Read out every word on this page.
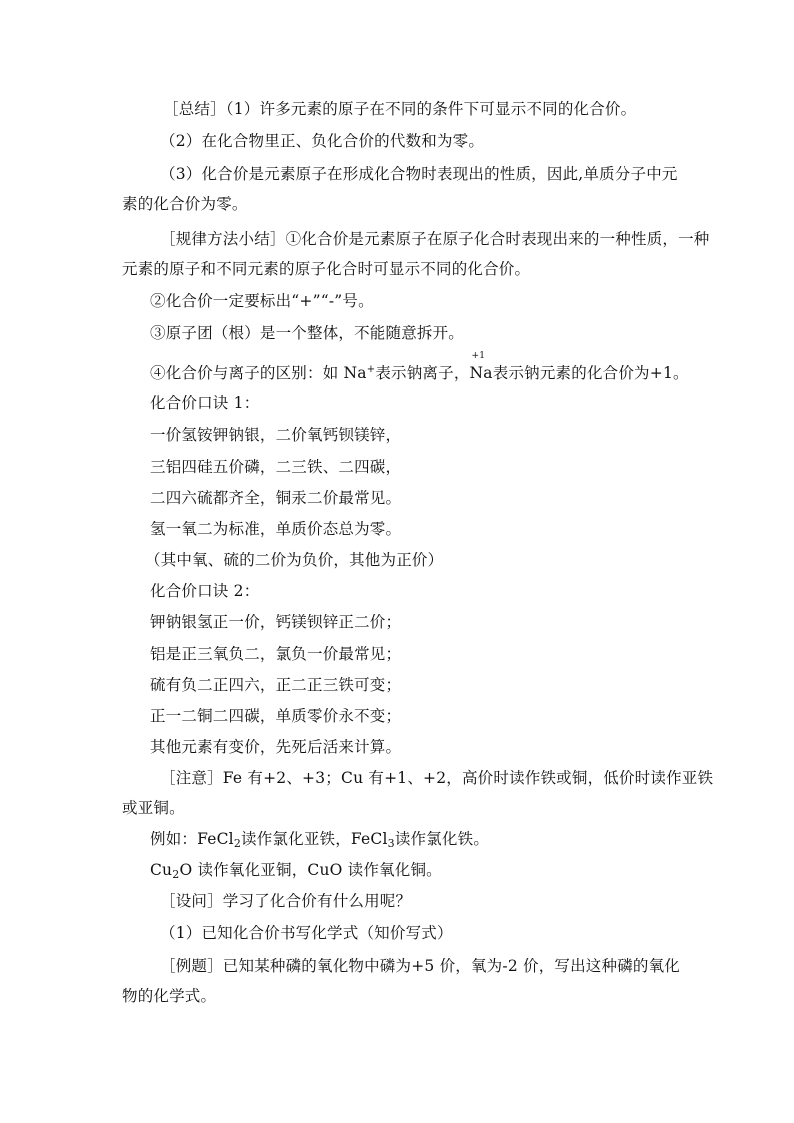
［总结］（1）许多元素的原子在不同的条件下可显示不同的化合价。
（2）在化合物里正、负化合价的代数和为零。
（3）化合价是元素原子在形成化合物时表现出的性质，因此,单质分子中元
素的化合价为零。
［规律方法小结］①化合价是元素原子在原子化合时表现出来的一种性质，一种
元素的原子和不同元素的原子化合时可显示不同的化合价。
②化合价一定要标出“+”“-”号。
③原子团（根）是一个整体，不能随意拆开。
④化合价与离子的区别：如 Na+表示钠离子，
+1
Na表示钠元素的化合价为+1。
化合价口诀 1：
一价氢铵钾钠银，二价氧钙钡镁锌，
三铝四硅五价磷，二三铁、二四碳，
二四六硫都齐全，铜汞二价最常见。
氢一氧二为标准，单质价态总为零。
（其中氧、硫的二价为负价，其他为正价）
化合价口诀 2：
钾钠银氢正一价，钙镁钡锌正二价；
铝是正三氧负二，氯负一价最常见；
硫有负二正四六，正二正三铁可变；
正一二铜二四碳，单质零价永不变；
其他元素有变价，先死后活来计算。
［注意］Fe 有+2、+3；Cu 有+1、+2，高价时读作铁或铜，低价时读作亚铁
或亚铜。
例如：FeCl$_2$读作氯化亚铁，FeCl$_3$读作氯化铁。
$Cu_2O$ 读作氧化亚铜，CuO 读作氧化铜。
［设问］学习了化合价有什么用呢？
（1）已知化合价书写化学式（知价写式）
［例题］已知某种磷的氧化物中磷为+5 价，氧为-2 价，写出这种磷的氧化
物的化学式。
